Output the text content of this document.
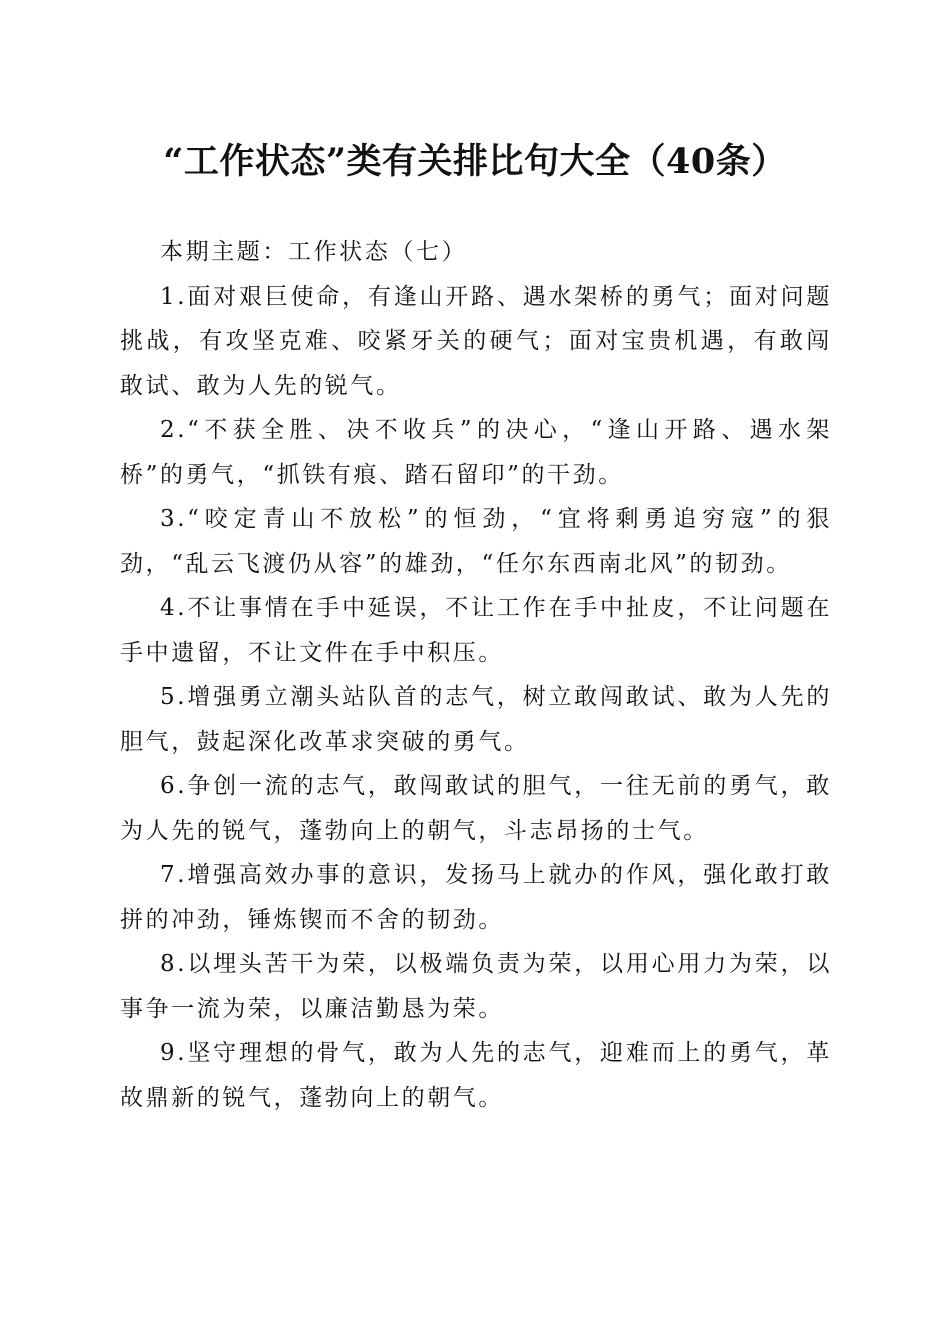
“工作状态”类有关排比句大全（40条）

本期主题：工作状态（七）

1.面对艰巨使命，有逢山开路、遇水架桥的勇气；面对问题挑战，有攻坚克难、咬紧牙关的硬气；面对宝贵机遇，有敢闯敢试、敢为人先的锐气。

2.“不获全胜、决不收兵”的决心，“逢山开路、遇水架桥”的勇气，“抓铁有痕、踏石留印”的干劲。

3.“咬定青山不放松”的恒劲，“宜将剩勇追穷寇”的狠劲，“乱云飞渡仍从容”的雄劲，“任尔东西南北风”的韧劲。

4.不让事情在手中延误，不让工作在手中扯皮，不让问题在手中遗留，不让文件在手中积压。

5.增强勇立潮头站队首的志气，树立敢闯敢试、敢为人先的胆气，鼓起深化改革求突破的勇气。

6.争创一流的志气，敢闯敢试的胆气，一往无前的勇气，敢为人先的锐气，蓬勃向上的朝气，斗志昂扬的士气。

7.增强高效办事的意识，发扬马上就办的作风，强化敢打敢拼的冲劲，锤炼锲而不舍的韧劲。

8.以埋头苦干为荣，以极端负责为荣，以用心用力为荣，以事争一流为荣，以廉洁勤恳为荣。

9.坚守理想的骨气，敢为人先的志气，迎难而上的勇气，革故鼎新的锐气，蓬勃向上的朝气。
